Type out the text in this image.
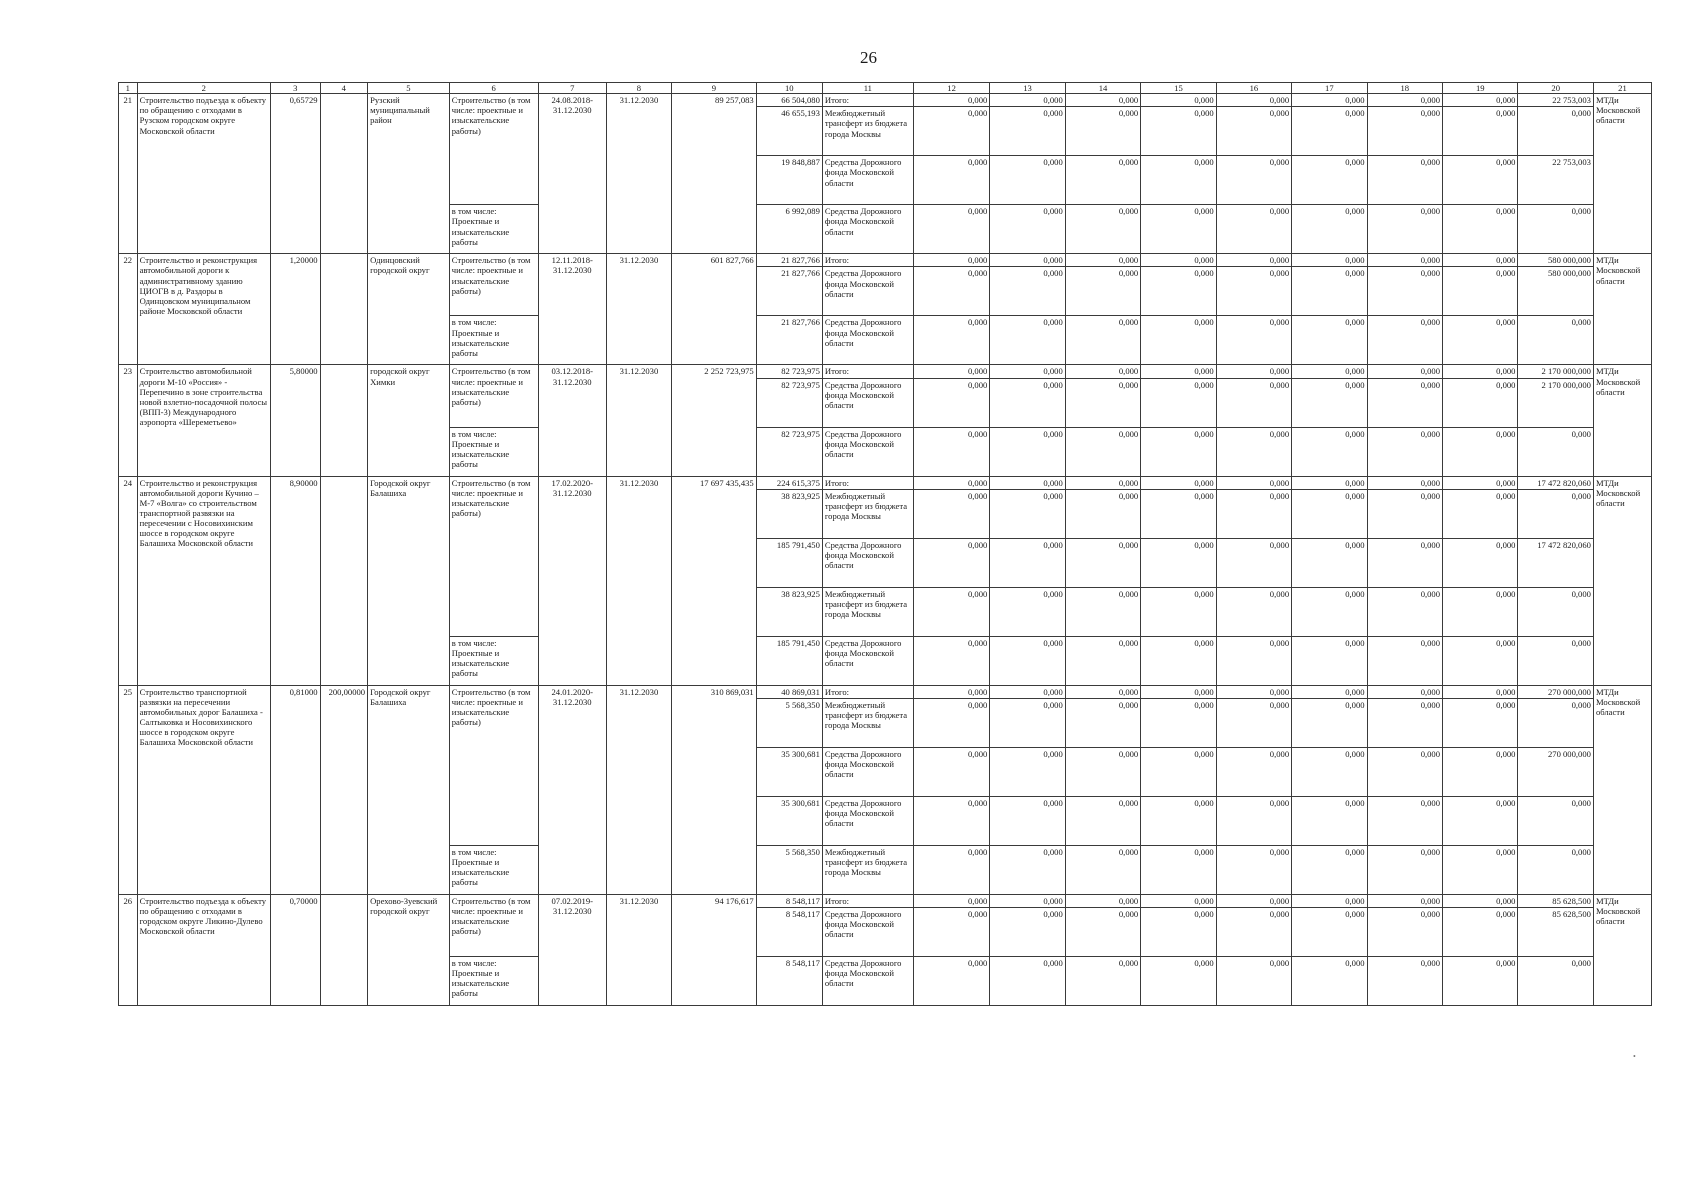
26
1	2	3	4	5	6	7	8	9	10	11	12	13	14	15	16	17	18	19	20	21
21	Строительство подъезда к объекту по обращению с отходами в Рузском городском округе Московской области	0,65729		Рузский муниципальный район	Строительство (в том числе: проектные и изыскательские работы)	24.08.2018-31.12.2030	31.12.2030	89 257,083	66 504,080	Итого:	0,000	0,000	0,000	0,000	0,000	0,000	0,000	0,000	22 753,003	МТДи Московской области
									46 655,193	Межбюджетный трансферт из бюджета города Москвы	0,000	0,000	0,000	0,000	0,000	0,000	0,000	0,000	0,000	
									19 848,887	Средства Дорожного фонда Московской области	0,000	0,000	0,000	0,000	0,000	0,000	0,000	0,000	22 753,003	
					в том числе: Проектные и изыскательские работы				6 992,089	Средства Дорожного фонда Московской области	0,000	0,000	0,000	0,000	0,000	0,000	0,000	0,000	0,000	
22	Строительство и реконструкция автомобильной дороги к административному зданию ЦИОГВ в д. Раздоры в Одинцовском муниципальном районе Московской области	1,20000		Одинцовский городской округ	Строительство (в том числе: проектные и изыскательские работы)	12.11.2018-31.12.2030	31.12.2030	601 827,766	21 827,766	Итого:	0,000	0,000	0,000	0,000	0,000	0,000	0,000	0,000	580 000,000	МТДи Московской области
									21 827,766	Средства Дорожного фонда Московской области	0,000	0,000	0,000	0,000	0,000	0,000	0,000	0,000	580 000,000	
					в том числе: Проектные и изыскательские работы				21 827,766	Средства Дорожного фонда Московской области	0,000	0,000	0,000	0,000	0,000	0,000	0,000	0,000	0,000	
23	Строительство автомобильной дороги М-10 «Россия» - Перепечино в зоне строительства новой взлетно-посадочной полосы (ВПП-3) Международного аэропорта «Шереметьево»	5,80000		городской округ Химки	Строительство (в том числе: проектные и изыскательские работы)	03.12.2018-31.12.2030	31.12.2030	2 252 723,975	82 723,975	Итого:	0,000	0,000	0,000	0,000	0,000	0,000	0,000	0,000	2 170 000,000	МТДи Московской области
									82 723,975	Средства Дорожного фонда Московской области	0,000	0,000	0,000	0,000	0,000	0,000	0,000	0,000	2 170 000,000	
					в том числе: Проектные и изыскательские работы				82 723,975	Средства Дорожного фонда Московской области	0,000	0,000	0,000	0,000	0,000	0,000	0,000	0,000	0,000	
24	Строительство и реконструкция автомобильной дороги Кучино – М-7 «Волга» со строительством транспортной развязки на пересечении с Носовихинским шоссе в городском округе Балашиха Московской области	8,90000		Городской округ Балашиха	Строительство (в том числе: проектные и изыскательские работы)	17.02.2020-31.12.2030	31.12.2030	17 697 435,435	224 615,375	Итого:	0,000	0,000	0,000	0,000	0,000	0,000	0,000	0,000	17 472 820,060	МТДи Московской области
									38 823,925	Межбюджетный трансферт из бюджета города Москвы	0,000	0,000	0,000	0,000	0,000	0,000	0,000	0,000	0,000	
									185 791,450	Средства Дорожного фонда Московской области	0,000	0,000	0,000	0,000	0,000	0,000	0,000	0,000	17 472 820,060	
									38 823,925	Межбюджетный трансферт из бюджета города Москвы	0,000	0,000	0,000	0,000	0,000	0,000	0,000	0,000	0,000	
					в том числе: Проектные и изыскательские работы				185 791,450	Средства Дорожного фонда Московской области	0,000	0,000	0,000	0,000	0,000	0,000	0,000	0,000	0,000	
25	Строительство транспортной развязки на пересечении автомобильных дорог Балашиха - Салтыковка и Носовихинского шоссе в городском округе Балашиха Московской области	0,81000	200,00000	Городской округ Балашиха	Строительство (в том числе: проектные и изыскательские работы)	24.01.2020-31.12.2030	31.12.2030	310 869,031	40 869,031	Итого:	0,000	0,000	0,000	0,000	0,000	0,000	0,000	0,000	270 000,000	МТДи Московской области
									5 568,350	Межбюджетный трансферт из бюджета города Москвы	0,000	0,000	0,000	0,000	0,000	0,000	0,000	0,000	0,000	
									35 300,681	Средства Дорожного фонда Московской области	0,000	0,000	0,000	0,000	0,000	0,000	0,000	0,000	270 000,000	
									35 300,681	Средства Дорожного фонда Московской области	0,000	0,000	0,000	0,000	0,000	0,000	0,000	0,000	0,000	
					в том числе: Проектные и изыскательские работы				5 568,350	Межбюджетный трансферт из бюджета города Москвы	0,000	0,000	0,000	0,000	0,000	0,000	0,000	0,000	0,000	
26	Строительство подъезда к объекту по обращению с отходами в городском округе Ликино-Дулево Московской области	0,70000		Орехово-Зуевский городской округ	Строительство (в том числе: проектные и изыскательские работы)	07.02.2019-31.12.2030	31.12.2030	94 176,617	8 548,117	Итого:	0,000	0,000	0,000	0,000	0,000	0,000	0,000	0,000	85 628,500	МТДи Московской области
									8 548,117	Средства Дорожного фонда Московской области	0,000	0,000	0,000	0,000	0,000	0,000	0,000	0,000	85 628,500	
					в том числе: Проектные и изыскательские работы				8 548,117	Средства Дорожного фонда Московской области	0,000	0,000	0,000	0,000	0,000	0,000	0,000	0,000	0,000	
•
